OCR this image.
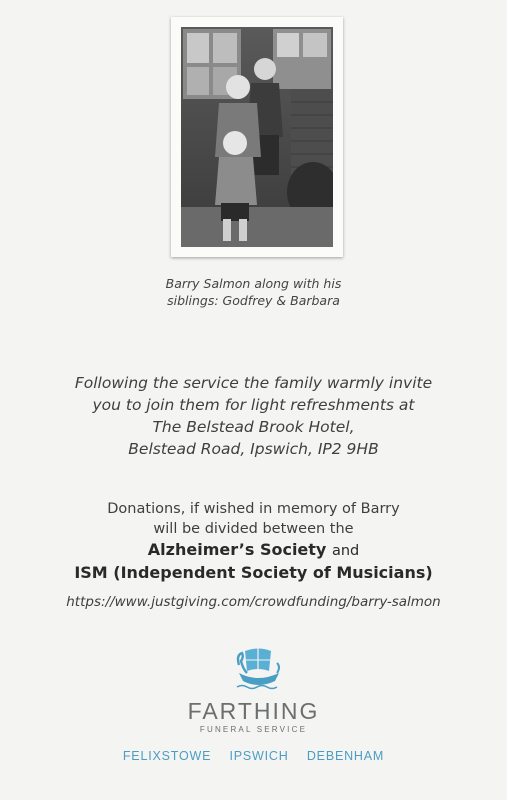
Barry Salmon along with his
siblings: Godfrey & Barbara
Following the service the family warmly invite
you to join them for light refreshments at
The Belstead Brook Hotel,
Belstead Road, Ipswich, IP2 9HB
Donations, if wished in memory of Barry
will be divided between the
Alzheimer’s Society and
ISM (Independent Society of Musicians)
https://www.justgiving.com/crowdfunding/barry-salmon
FARTHING
FUNERAL SERVICE
FELIXSTOWE IPSWICH DEBENHAM
